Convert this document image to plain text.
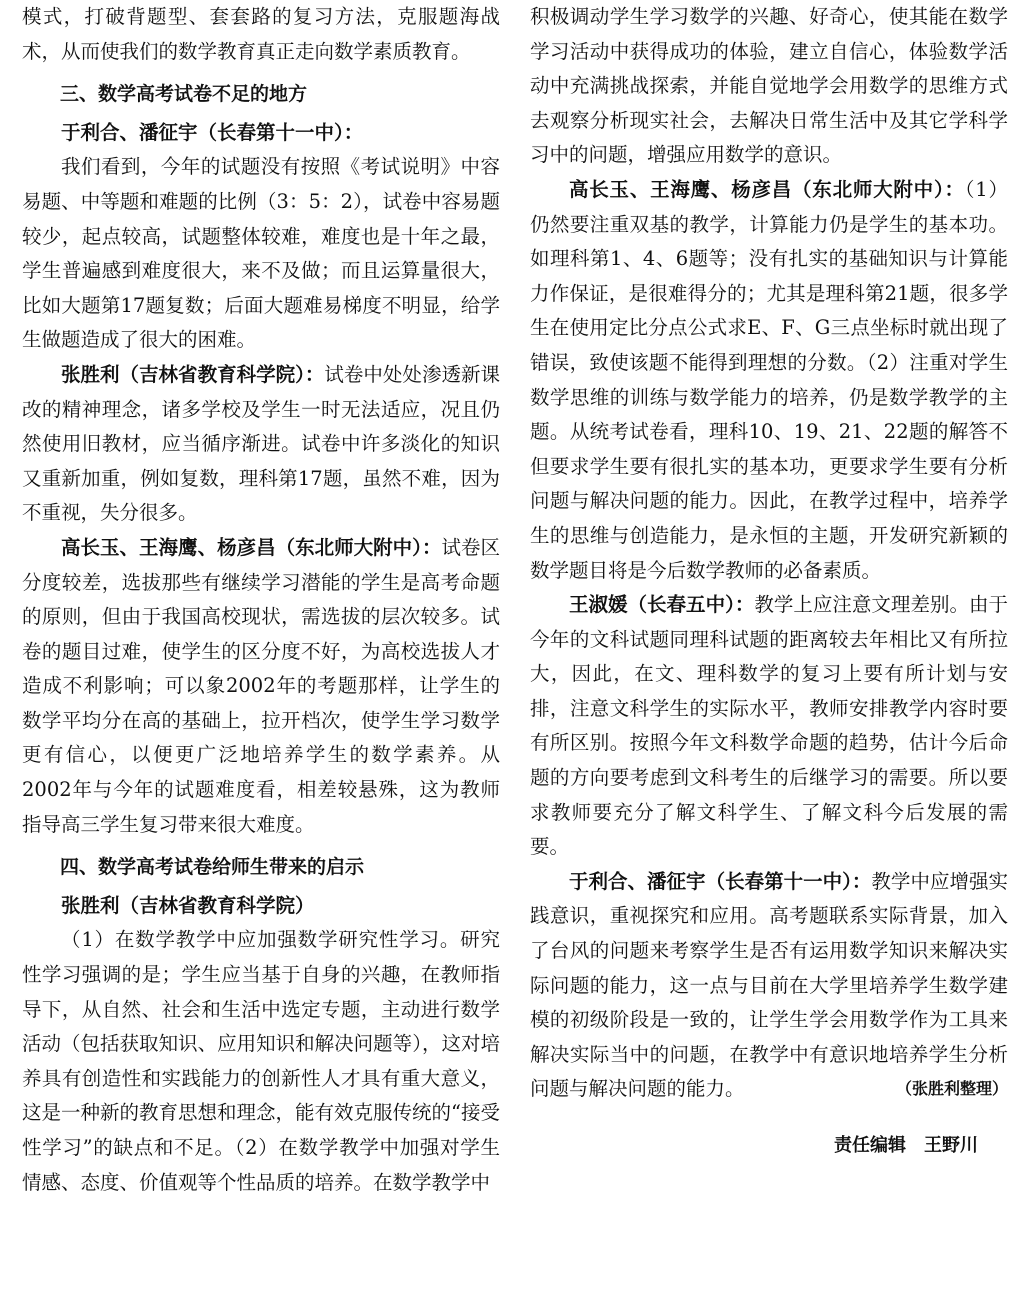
模式，打破背题型、套套路的复习方法，克服题海战术，从而使我们的数学教育真正走向数学素质教育。

三、数学高考试卷不足的地方

于利合、潘征宇（长春第十一中）：

我们看到，今年的试题没有按照《考试说明》中容易题、中等题和难题的比例（3：5：2），试卷中容易题较少，起点较高，试题整体较难，难度也是十年之最，学生普遍感到难度很大，来不及做；而且运算量很大，比如大题第17题复数；后面大题难易梯度不明显，给学生做题造成了很大的困难。

张胜利（吉林省教育科学院）：试卷中处处渗透新课改的精神理念，诸多学校及学生一时无法适应，况且仍然使用旧教材，应当循序渐进。试卷中许多淡化的知识又重新加重，例如复数，理科第17题，虽然不难，因为不重视，失分很多。

高长玉、王海鹰、杨彦昌（东北师大附中）：试卷区分度较差，选拔那些有继续学习潜能的学生是高考命题的原则，但由于我国高校现状，需选拔的层次较多。试卷的题目过难，使学生的区分度不好，为高校选拔人才造成不利影响；可以象2002年的考题那样，让学生的数学平均分在高的基础上，拉开档次，使学生学习数学更有信心，以便更广泛地培养学生的数学素养。从2002年与今年的试题难度看，相差较悬殊，这为教师指导高三学生复习带来很大难度。

四、数学高考试卷给师生带来的启示

张胜利（吉林省教育科学院）

（1）在数学教学中应加强数学研究性学习。研究性学习强调的是；学生应当基于自身的兴趣，在教师指导下，从自然、社会和生活中选定专题，主动进行数学活动（包括获取知识、应用知识和解决问题等），这对培养具有创造性和实践能力的创新性人才具有重大意义，这是一种新的教育思想和理念，能有效克服传统的“接受性学习”的缺点和不足。（2）在数学教学中加强对学生情感、态度、价值观等个性品质的培养。在数学教学中

积极调动学生学习数学的兴趣、好奇心，使其能在数学学习活动中获得成功的体验，建立自信心，体验数学活动中充满挑战探索，并能自觉地学会用数学的思维方式去观察分析现实社会，去解决日常生活中及其它学科学习中的问题，增强应用数学的意识。

高长玉、王海鹰、杨彦昌（东北师大附中）：（1）仍然要注重双基的教学，计算能力仍是学生的基本功。如理科第1、4、6题等；没有扎实的基础知识与计算能力作保证，是很难得分的；尤其是理科第21题，很多学生在使用定比分点公式求E、F、G三点坐标时就出现了错误，致使该题不能得到理想的分数。（2）注重对学生数学思维的训练与数学能力的培养，仍是数学教学的主题。从统考试卷看，理科10、19、21、22题的解答不但要求学生要有很扎实的基本功，更要求学生要有分析问题与解决问题的能力。因此，在教学过程中，培养学生的思维与创造能力，是永恒的主题，开发研究新颖的数学题目将是今后数学教师的必备素质。

王淑媛（长春五中）：教学上应注意文理差别。由于今年的文科试题同理科试题的距离较去年相比又有所拉大，因此，在文、理科数学的复习上要有所计划与安排，注意文科学生的实际水平，教师安排教学内容时要有所区别。按照今年文科数学命题的趋势，估计今后命题的方向要考虑到文科考生的后继学习的需要。所以要求教师要充分了解文科学生、了解文科今后发展的需要。

于利合、潘征宇（长春第十一中）：教学中应增强实践意识，重视探究和应用。高考题联系实际背景，加入了台风的问题来考察学生是否有运用数学知识来解决实际问题的能力，这一点与目前在大学里培养学生数学建模的初级阶段是一致的，让学生学会用数学作为工具来解决实际当中的问题，在教学中有意识地培养学生分析问题与解决问题的能力。	（张胜利整理）

责任编辑　王野川
